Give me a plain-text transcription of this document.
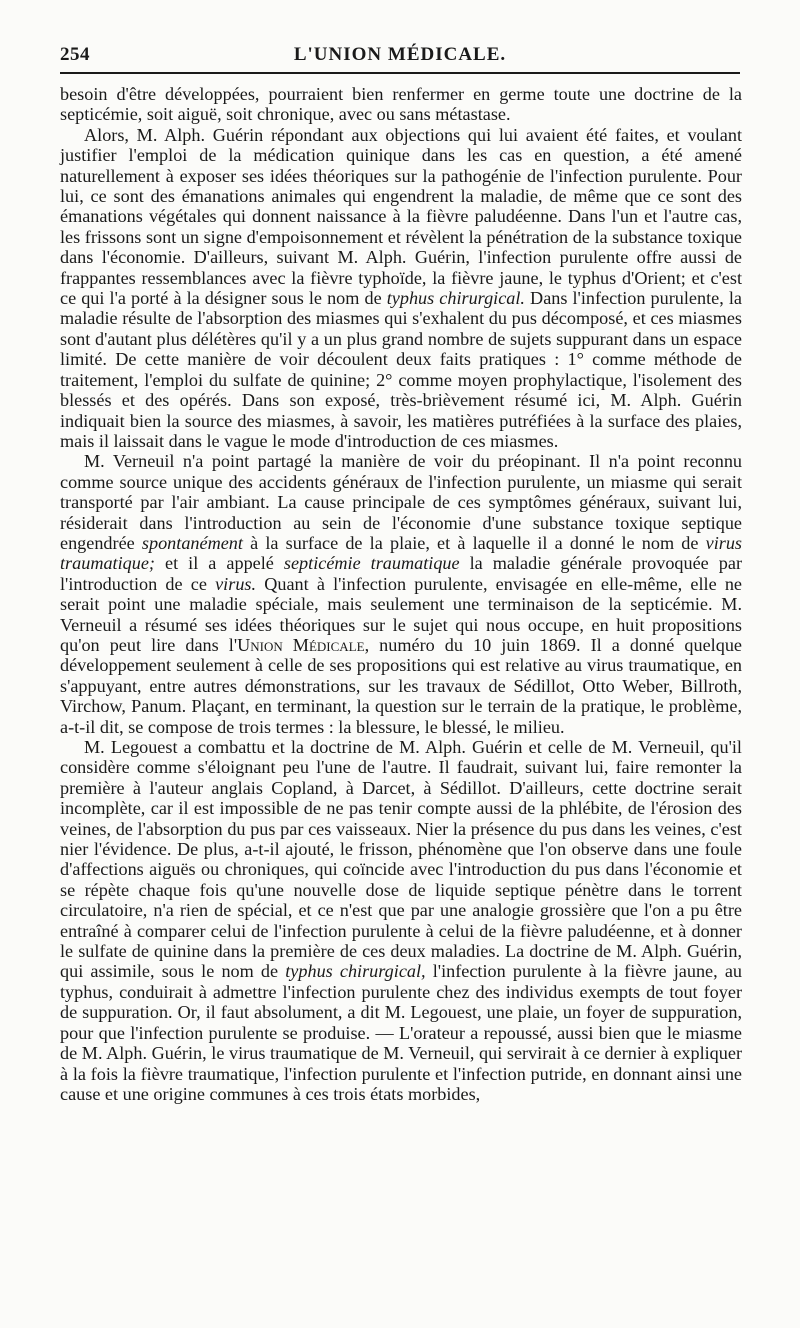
254	L'UNION MÉDICALE.

besoin d'être développées, pourraient bien renfermer en germe toute une doctrine de la septicémie, soit aiguë, soit chronique, avec ou sans métastase.

Alors, M. Alph. Guérin répondant aux objections qui lui avaient été faites, et voulant justifier l'emploi de la médication quinique dans les cas en question, a été amené naturellement à exposer ses idées théoriques sur la pathogénie de l'infection purulente. Pour lui, ce sont des émanations animales qui engendrent la maladie, de même que ce sont des émanations végétales qui donnent naissance à la fièvre paludéenne. Dans l'un et l'autre cas, les frissons sont un signe d'empoisonnement et révèlent la pénétration de la substance toxique dans l'économie. D'ailleurs, suivant M. Alph. Guérin, l'infection purulente offre aussi de frappantes ressemblances avec la fièvre typhoïde, la fièvre jaune, le typhus d'Orient; et c'est ce qui l'a porté à la désigner sous le nom de typhus chirurgical. Dans l'infection purulente, la maladie résulte de l'absorption des miasmes qui s'exhalent du pus décomposé, et ces miasmes sont d'autant plus délétères qu'il y a un plus grand nombre de sujets suppurant dans un espace limité. De cette manière de voir découlent deux faits pratiques : 1° comme méthode de traitement, l'emploi du sulfate de quinine; 2° comme moyen prophylactique, l'isolement des blessés et des opérés. Dans son exposé, très-brièvement résumé ici, M. Alph. Guérin indiquait bien la source des miasmes, à savoir, les matières putréfiées à la surface des plaies, mais il laissait dans le vague le mode d'introduction de ces miasmes.

M. Verneuil n'a point partagé la manière de voir du préopinant. Il n'a point reconnu comme source unique des accidents généraux de l'infection purulente, un miasme qui serait transporté par l'air ambiant. La cause principale de ces symptômes généraux, suivant lui, résiderait dans l'introduction au sein de l'économie d'une substance toxique septique engendrée spontanément à la surface de la plaie, et à laquelle il a donné le nom de virus traumatique; et il a appelé septicémie traumatique la maladie générale provoquée par l'introduction de ce virus. Quant à l'infection purulente, envisagée en elle-même, elle ne serait point une maladie spéciale, mais seulement une terminaison de la septicémie. M. Verneuil a résumé ses idées théoriques sur le sujet qui nous occupe, en huit propositions qu'on peut lire dans l'Union Médicale, numéro du 10 juin 1869. Il a donné quelque développement seulement à celle de ses propositions qui est relative au virus traumatique, en s'appuyant, entre autres démonstrations, sur les travaux de Sédillot, Otto Weber, Billroth, Virchow, Panum. Plaçant, en terminant, la question sur le terrain de la pratique, le problème, a-t-il dit, se compose de trois termes : la blessure, le blessé, le milieu.

M. Legouest a combattu et la doctrine de M. Alph. Guérin et celle de M. Verneuil, qu'il considère comme s'éloignant peu l'une de l'autre. Il faudrait, suivant lui, faire remonter la première à l'auteur anglais Copland, à Darcet, à Sédillot. D'ailleurs, cette doctrine serait incomplète, car il est impossible de ne pas tenir compte aussi de la phlébite, de l'érosion des veines, de l'absorption du pus par ces vaisseaux. Nier la présence du pus dans les veines, c'est nier l'évidence. De plus, a-t-il ajouté, le frisson, phénomène que l'on observe dans une foule d'affections aiguës ou chroniques, qui coïncide avec l'introduction du pus dans l'économie et se répète chaque fois qu'une nouvelle dose de liquide septique pénètre dans le torrent circulatoire, n'a rien de spécial, et ce n'est que par une analogie grossière que l'on a pu être entraîné à comparer celui de l'infection purulente à celui de la fièvre paludéenne, et à donner le sulfate de quinine dans la première de ces deux maladies. La doctrine de M. Alph. Guérin, qui assimile, sous le nom de typhus chirurgical, l'infection purulente à la fièvre jaune, au typhus, conduirait à admettre l'infection purulente chez des individus exempts de tout foyer de suppuration. Or, il faut absolument, a dit M. Legouest, une plaie, un foyer de suppuration, pour que l'infection purulente se produise. — L'orateur a repoussé, aussi bien que le miasme de M. Alph. Guérin, le virus traumatique de M. Verneuil, qui servirait à ce dernier à expliquer à la fois la fièvre traumatique, l'infection purulente et l'infection putride, en donnant ainsi une cause et une origine communes à ces trois états morbides,
